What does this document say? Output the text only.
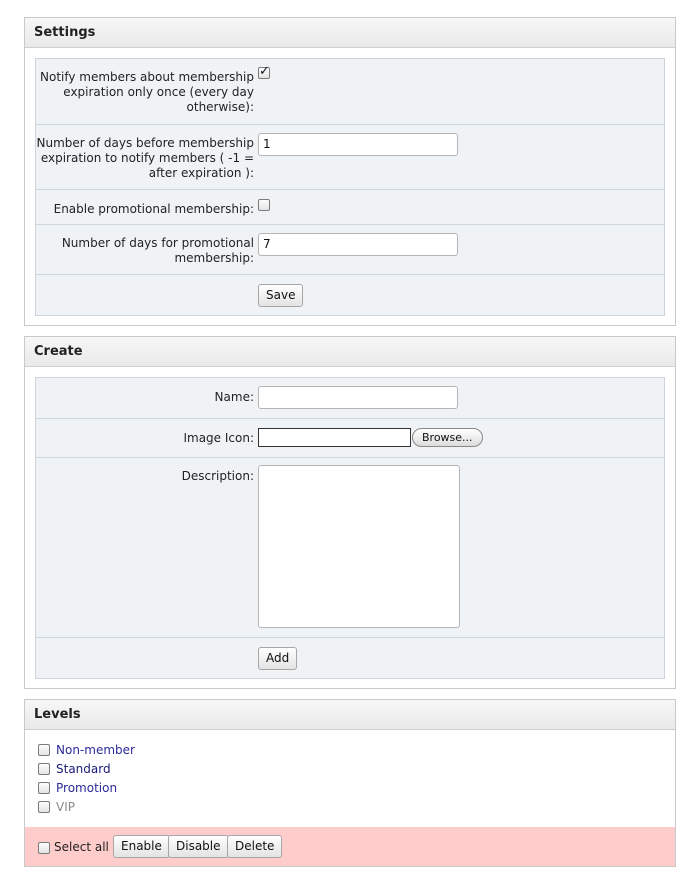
Settings
Notify members about membership expiration only once (every day otherwise):
✓
Number of days before membership expiration to notify members ( -1 = after expiration ):
1
Enable promotional membership:
Number of days for promotional membership:
7
Save
Create
Name:
Image Icon:	Browse...
Description:
Add
Levels
Non-member
Standard
Promotion
VIP
Select all	Enable	Disable	Delete
